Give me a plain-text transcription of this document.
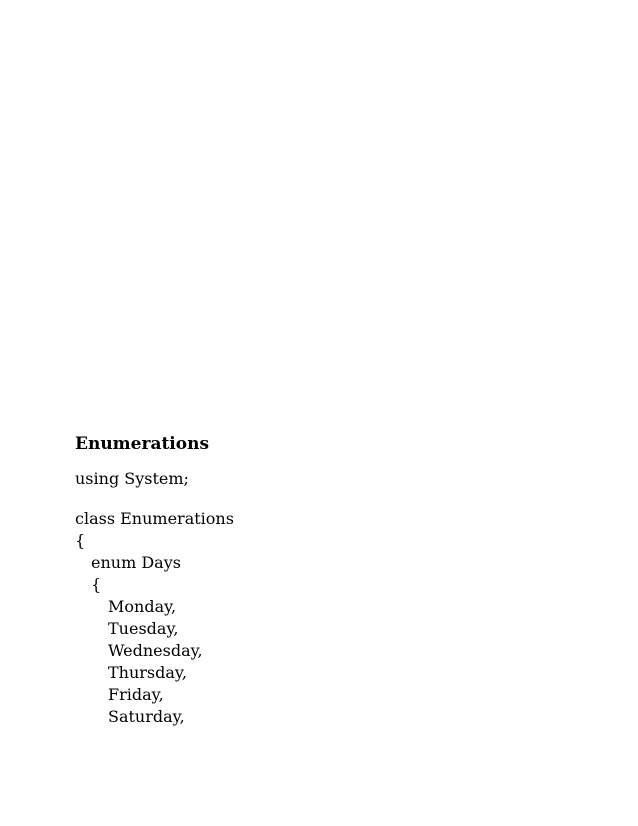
Enumerations
using System;
class Enumerations
{
enum Days
{
Monday,
Tuesday,
Wednesday,
Thursday,
Friday,
Saturday,
